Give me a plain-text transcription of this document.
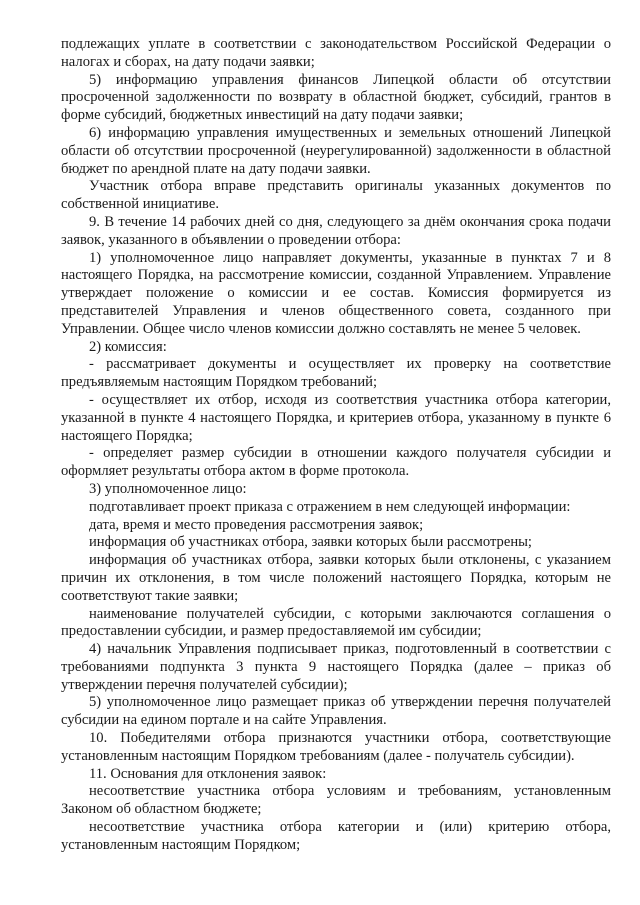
подлежащих уплате в соответствии с законодательством Российской Федерации о налогах и сборах, на дату подачи заявки;

5) информацию управления финансов Липецкой области об отсутствии просроченной задолженности по возврату в областной бюджет, субсидий, грантов в форме субсидий, бюджетных инвестиций на дату подачи заявки;

6) информацию управления имущественных и земельных отношений Липецкой области об отсутствии просроченной (неурегулированной) задолженности в областной бюджет по арендной плате на дату подачи заявки.

Участник отбора вправе представить оригиналы указанных документов по собственной инициативе.

9. В течение 14 рабочих дней со дня, следующего за днём окончания срока подачи заявок, указанного в объявлении о проведении отбора:

1) уполномоченное лицо направляет документы, указанные в пунктах 7 и 8 настоящего Порядка, на рассмотрение комиссии, созданной Управлением. Управление утверждает положение о комиссии и ее состав. Комиссия формируется из представителей Управления и членов общественного совета, созданного при Управлении. Общее число членов комиссии должно составлять не менее 5 человек.

2) комиссия:

- рассматривает документы и осуществляет их проверку на соответствие предъявляемым настоящим Порядком требований;

- осуществляет их отбор, исходя из соответствия участника отбора категории, указанной в пункте 4 настоящего Порядка, и критериев отбора, указанному в пункте 6 настоящего Порядка;

- определяет размер субсидии в отношении каждого получателя субсидии и оформляет результаты отбора актом в форме протокола.

3) уполномоченное лицо:

подготавливает проект приказа с отражением в нем следующей информации:

дата, время и место проведения рассмотрения заявок;

информация об участниках отбора, заявки которых были рассмотрены;

информация об участниках отбора, заявки которых были отклонены, с указанием причин их отклонения, в том числе положений настоящего Порядка, которым не соответствуют такие заявки;

наименование получателей субсидии, с которыми заключаются соглашения о предоставлении субсидии, и размер предоставляемой им субсидии;

4) начальник Управления подписывает приказ, подготовленный в соответствии с требованиями подпункта 3 пункта 9 настоящего Порядка (далее – приказ об утверждении перечня получателей субсидии);

5) уполномоченное лицо размещает приказ об утверждении перечня получателей субсидии на едином портале и на сайте Управления.

10. Победителями отбора признаются участники отбора, соответствующие установленным настоящим Порядком требованиям (далее - получатель субсидии).

11. Основания для отклонения заявок:

несоответствие участника отбора условиям и требованиям, установленным Законом об областном бюджете;

несоответствие участника отбора категории и (или) критерию отбора, установленным настоящим Порядком;
